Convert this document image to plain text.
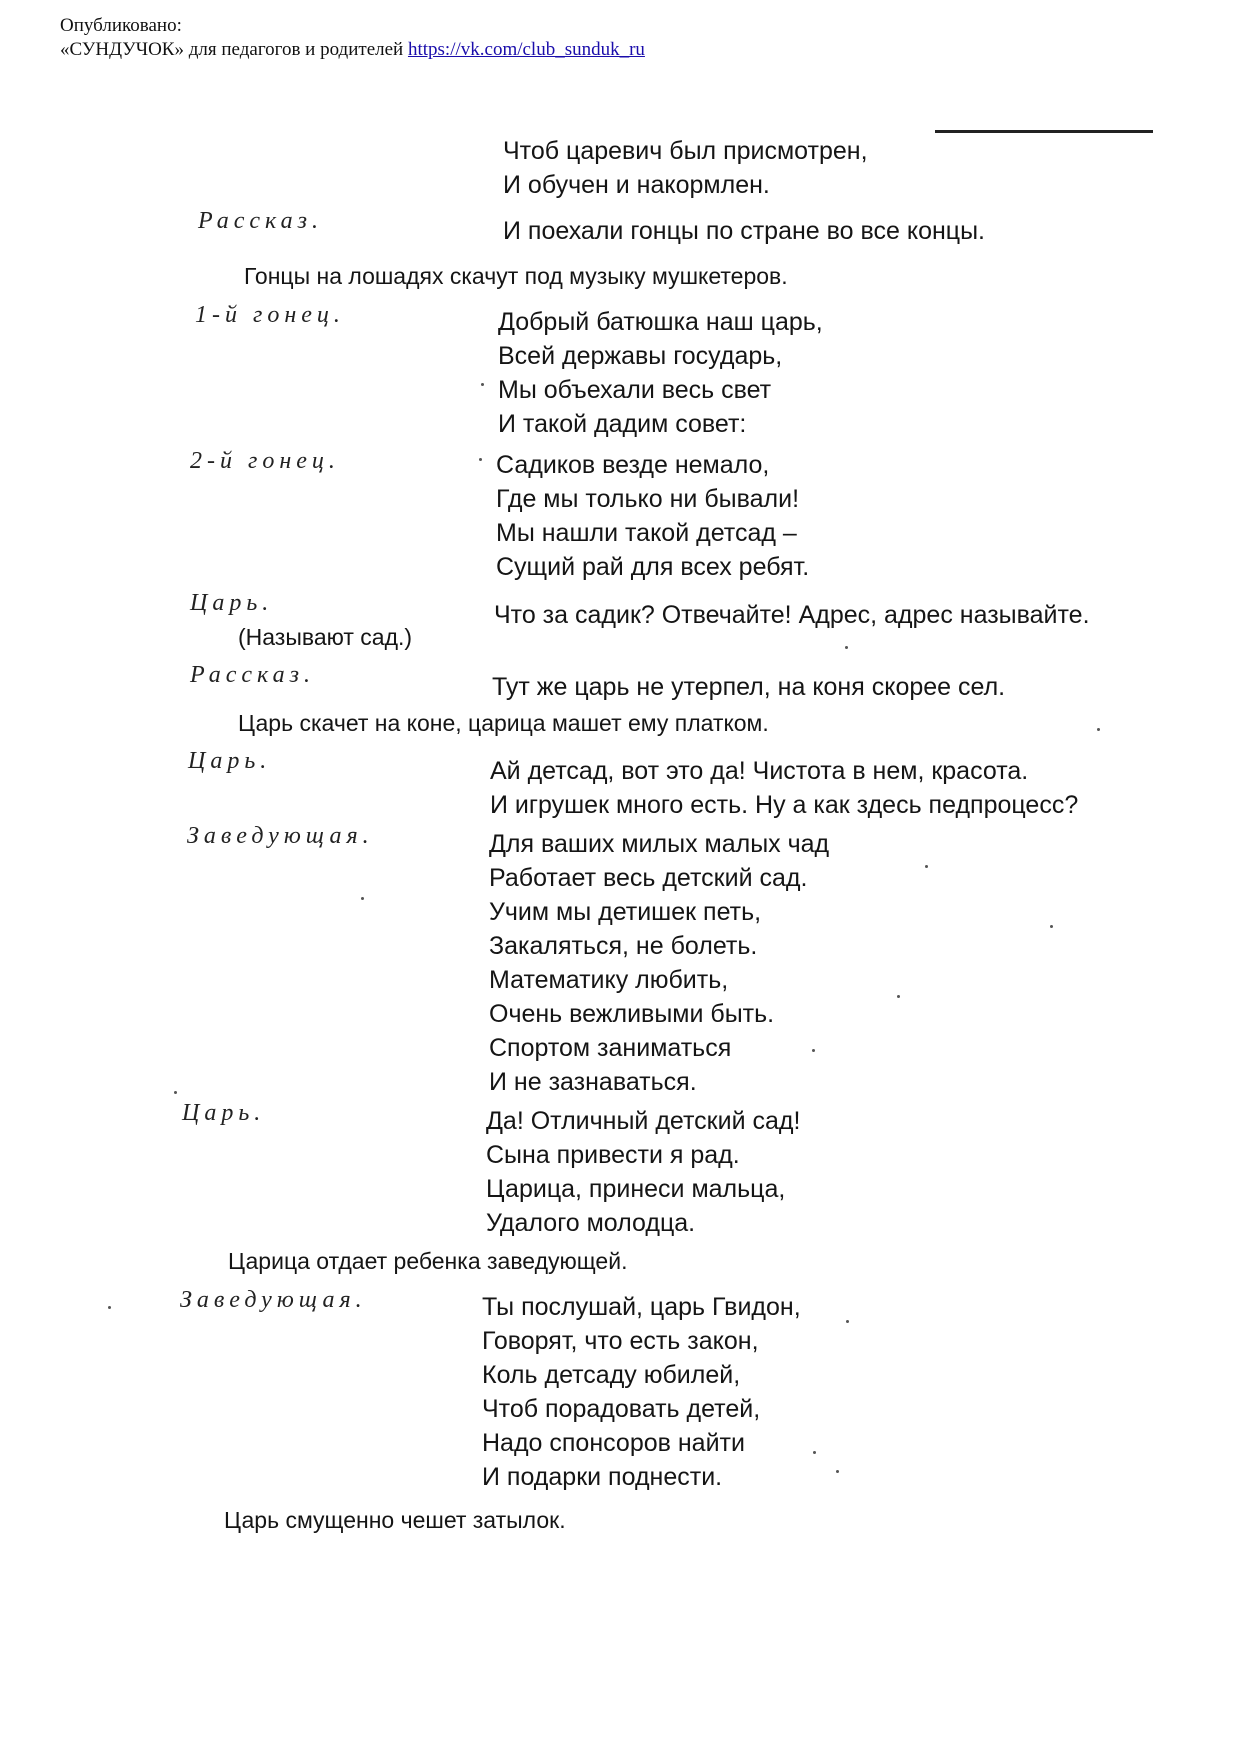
Опубликовано:
«СУНДУЧОК» для педагогов и родителей https://vk.com/club_sunduk_ru
Чтоб царевич был присмотрен,
И обучен и накормлен.
Рассказ.	И поехали гонцы по стране во все концы.
Гонцы на лошадях скачут под музыку мушкетеров.
1-й гонец.	Добрый батюшка наш царь,
Всей державы государь,
Мы объехали весь свет
И такой дадим совет:
2-й гонец.	Садиков везде немало,
Где мы только ни бывали!
Мы нашли такой детсад –
Сущий рай для всех ребят.
Царь.	Что за садик? Отвечайте! Адрес, адрес называйте.
(Называют сад.)
Рассказ.	Тут же царь не утерпел, на коня скорее сел.
Царь скачет на коне, царица машет ему платком.
Царь.	Ай детсад, вот это да! Чистота в нем, красота.
И игрушек много есть. Ну а как здесь педпроцесс?
Заведующая.	Для ваших милых малых чад
Работает весь детский сад.
Учим мы детишек петь,
Закаляться, не болеть.
Математику любить,
Очень вежливыми быть.
Спортом заниматься
И не зазнаваться.
Царь.	Да! Отличный детский сад!
Сына привести я рад.
Царица, принеси мальца,
Удалого молодца.
Царица отдает ребенка заведующей.
Заведующая.	Ты послушай, царь Гвидон,
Говорят, что есть закон,
Коль детсаду юбилей,
Чтоб порадовать детей,
Надо спонсоров найти
И подарки поднести.
Царь смущенно чешет затылок.
